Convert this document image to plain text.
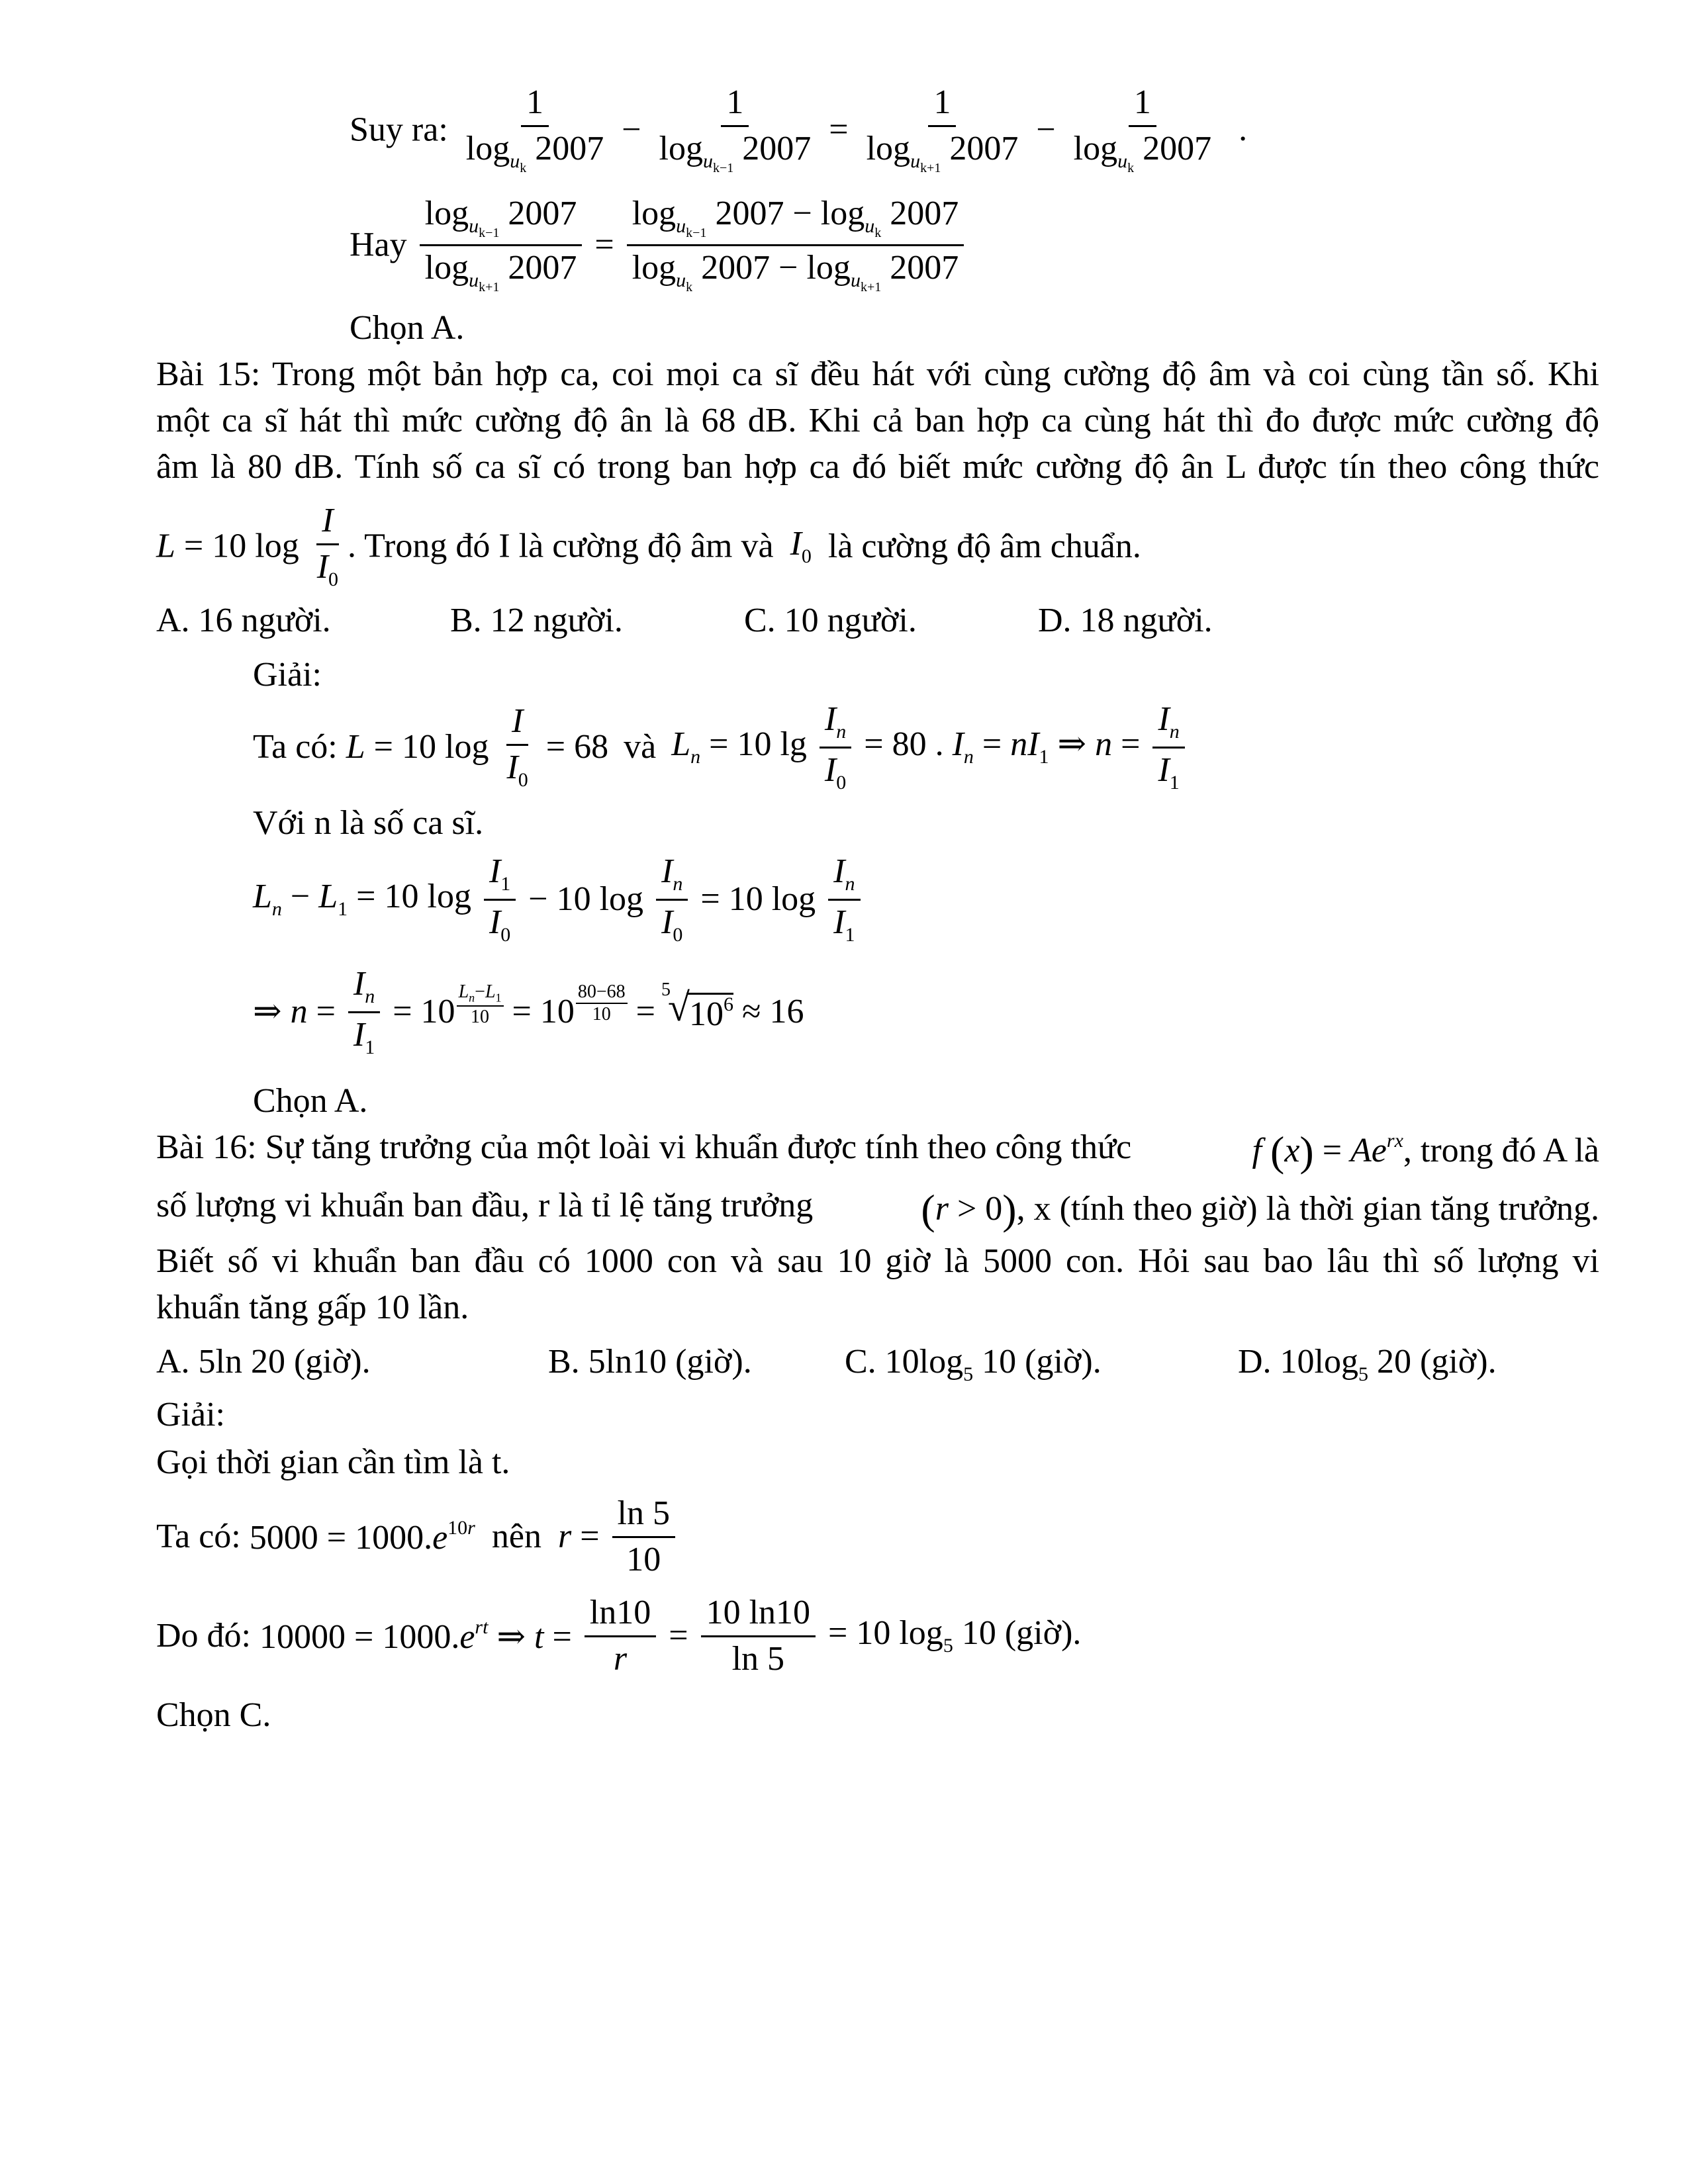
Suy ra: $\frac{1}{\log_{u_k} 2007} - \frac{1}{\log_{u_{k-1}} 2007} = \frac{1}{\log_{u_{k+1}} 2007} - \frac{1}{\log_{u_k} 2007}$ .
Hay $\frac{\log_{u_{k-1}} 2007}{\log_{u_{k+1}} 2007} = \frac{\log_{u_{k-1}} 2007 - \log_{u_k} 2007}{\log_{u_k} 2007 - \log_{u_{k+1}} 2007}$
Chọn A.
Bài 15: Trong một bản hợp ca, coi mọi ca sĩ đều hát với cùng cường độ âm và coi cùng tần số. Khi
một ca sĩ hát thì mức cường độ ân là 68 dB. Khi cả ban hợp ca cùng hát thì đo được mức cường độ
âm là 80 dB. Tính số ca sĩ có trong ban hợp ca đó biết mức cường độ ân L được tín theo công thức
L = 10 $\log \frac{I}{I_0}$ . Trong đó I là cường độ âm và $I_0$ là cường độ âm chuẩn.
A. 16 người.	B. 12 người.	C. 10 người.	D. 18 người.
Giải:
Ta có: L = 10 $\log \frac{I}{I_0} = 68$ và $L_n = 10$ $\lg \frac{I_n}{I_0} = 80$ . $I_n = nI_1$ ⇒ $n = \frac{I_n}{I_1}$
Với n là số ca sĩ.
$L_n - L_1 = 10$ $\log \frac{I_1}{I_0} - 10$ $\log \frac{I_n}{I_0} = 10$ $\log \frac{I_n}{I_1}$
⇒ $n = \frac{I_n}{I_1} = 10 \frac{L_n-L_1}{10} = 10 \frac{80-68}{10}$ =
5
√ $10^6 \approx 16$
Chọn A.
Bài 16: Sự tăng trưởng của một loài vi khuẩn được tính theo công thức	f $(x) = Ae^{rx}$, trong đó A là
số lượng vi khuẩn ban đầu, r là tỉ lệ tăng trưởng	(r > 0), x (tính theo giờ) là thời gian tăng trưởng.
Biết số vi khuẩn ban đầu có 1000 con và sau 10 giờ là 5000 con. Hỏi sau bao lâu thì số lượng vi
khuẩn tăng gấp 10 lần.
A. 5ln 20 (giờ).	B. 5ln10 (giờ).	C. $10\log_5$ 10 (giờ).	D. $10\log_5$ 20 (giờ).
Giải:
Gọi thời gian cần tìm là t.
Ta có: $5000 = 1000.e^{10r}$ nên $r = \frac{\ln 5}{10}$
Do đó: $10000 = 1000.e^{rt}$ ⇒ $t = \frac{\ln 10}{r} = \frac{10 \ln 10}{\ln 5} = 10$ $\log_5 10$ (giờ).
Chọn C.
